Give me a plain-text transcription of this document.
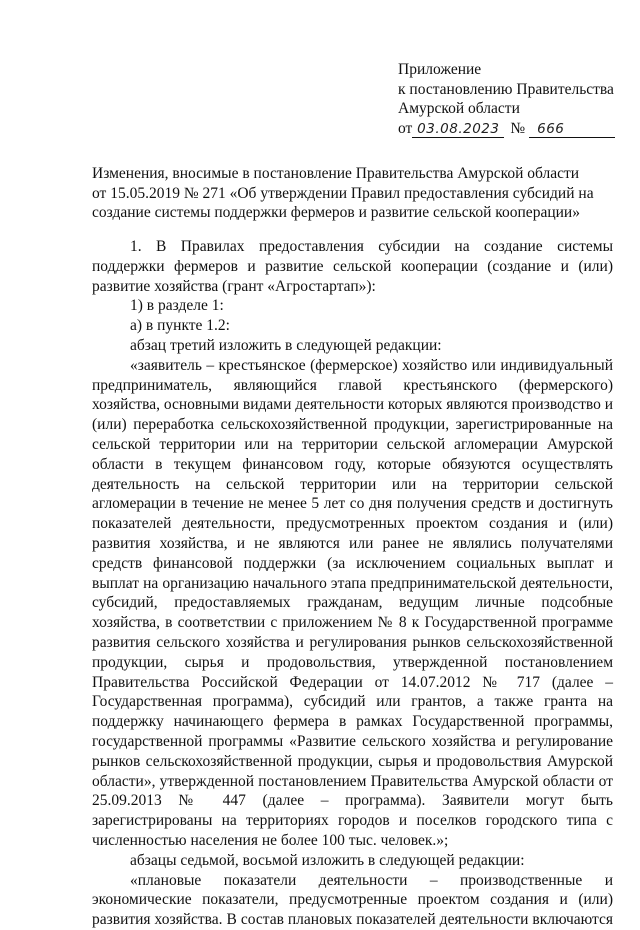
Приложение
к постановлению Правительства
Амурской области
от 03.08.2023 № 666
Изменения, вносимые в постановление Правительства Амурской области
от 15.05.2019 № 271 «Об утверждении Правил предоставления субсидий на
создание системы поддержки фермеров и развитие сельской кооперации»

1. В Правилах предоставления субсидии на создание системы поддержки фермеров и развитие сельской кооперации (создание и (или) развитие хозяйства (грант «Агростартап»):

1) в разделе 1:

а) в пункте 1.2:

абзац третий изложить в следующей редакции:

«заявитель – крестьянское (фермерское) хозяйство или индивидуальный предприниматель, являющийся главой крестьянского (фермерского) хозяйства, основными видами деятельности которых являются производство и (или) переработка сельскохозяйственной продукции, зарегистрированные на сельской территории или на территории сельской агломерации Амурской области в текущем финансовом году, которые обязуются осуществлять деятельность на сельской территории или на территории сельской агломерации в течение не менее 5 лет со дня получения средств и достигнуть показателей деятельности, предусмотренных проектом создания и (или) развития хозяйства, и не являются или ранее не являлись получателями средств финансовой поддержки (за исключением социальных выплат и выплат на организацию начального этапа предпринимательской деятельности, субсидий, предоставляемых гражданам, ведущим личные подсобные хозяйства, в соответствии с приложением № 8 к Государственной программе развития сельского хозяйства и регулирования рынков сельскохозяйственной продукции, сырья и продовольствия, утвержденной постановлением Правительства Российской Федерации от 14.07.2012 № 717 (далее – Государственная программа), субсидий или грантов, а также гранта на поддержку начинающего фермера в рамках Государственной программы, государственной программы «Развитие сельского хозяйства и регулирование рынков сельскохозяйственной продукции, сырья и продовольствия Амурской области», утвержденной постановлением Правительства Амурской области от 25.09.2013 № 447 (далее – программа). Заявители могут быть зарегистрированы на территориях городов и поселков городского типа с численностью населения не более 100 тыс. человек.»;

абзацы седьмой, восьмой изложить в следующей редакции:

«плановые показатели деятельности – производственные и экономические показатели, предусмотренные проектом создания и (или) развития хозяйства. В состав плановых показателей деятельности включаются
